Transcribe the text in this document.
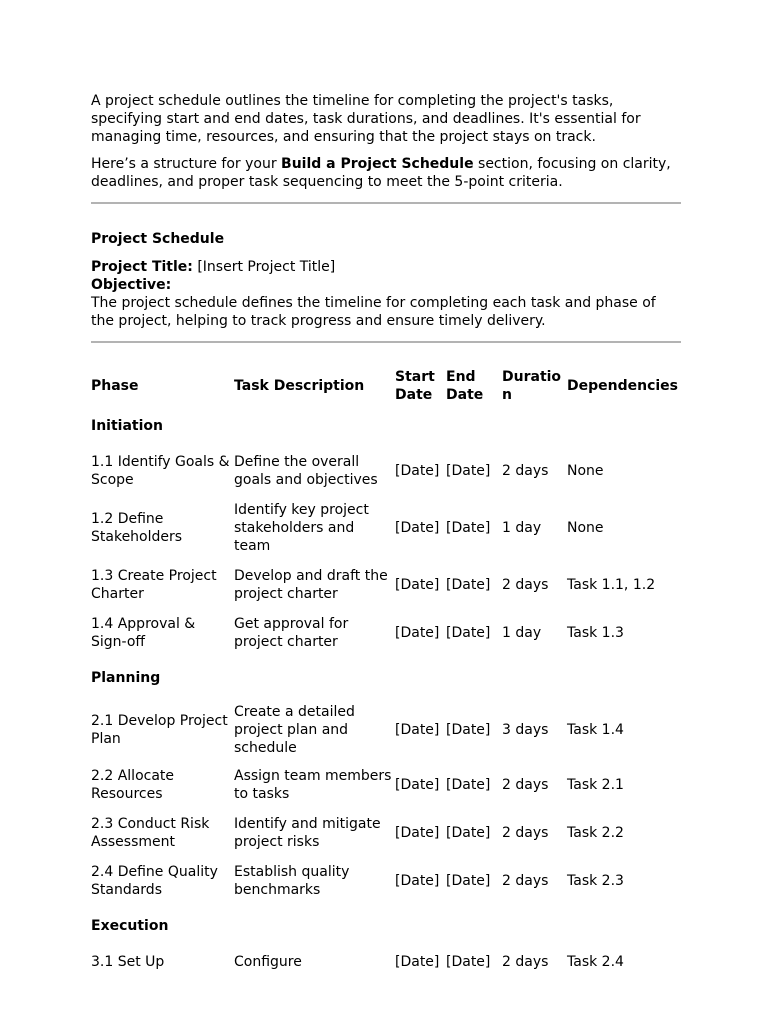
A project schedule outlines the timeline for completing the project's tasks, specifying start and end dates, task durations, and deadlines. It's essential for managing time, resources, and ensuring that the project stays on track.

Here’s a structure for your Build a Project Schedule section, focusing on clarity, deadlines, and proper task sequencing to meet the 5-point criteria.

Project Schedule

Project Title: [Insert Project Title]

Objective:

The project schedule defines the timeline for completing each task and phase of the project, helping to track progress and ensure timely delivery.

Phase	Task Description	Start Date	End Date	Duration	Dependencies
Initiation					
1.1 Identify Goals & Scope	Define the overall goals and objectives	[Date]	[Date]	2 days	None
1.2 Define Stakeholders	Identify key project stakeholders and team	[Date]	[Date]	1 day	None
1.3 Create Project Charter	Develop and draft the project charter	[Date]	[Date]	2 days	Task 1.1, 1.2
1.4 Approval & Sign-off	Get approval for project charter	[Date]	[Date]	1 day	Task 1.3
Planning					
2.1 Develop Project Plan	Create a detailed project plan and schedule	[Date]	[Date]	3 days	Task 1.4
2.2 Allocate Resources	Assign team members to tasks	[Date]	[Date]	2 days	Task 2.1
2.3 Conduct Risk Assessment	Identify and mitigate project risks	[Date]	[Date]	2 days	Task 2.2
2.4 Define Quality Standards	Establish quality benchmarks	[Date]	[Date]	2 days	Task 2.3
Execution					
3.1 Set Up	Configure	[Date]	[Date]	2 days	Task 2.4
